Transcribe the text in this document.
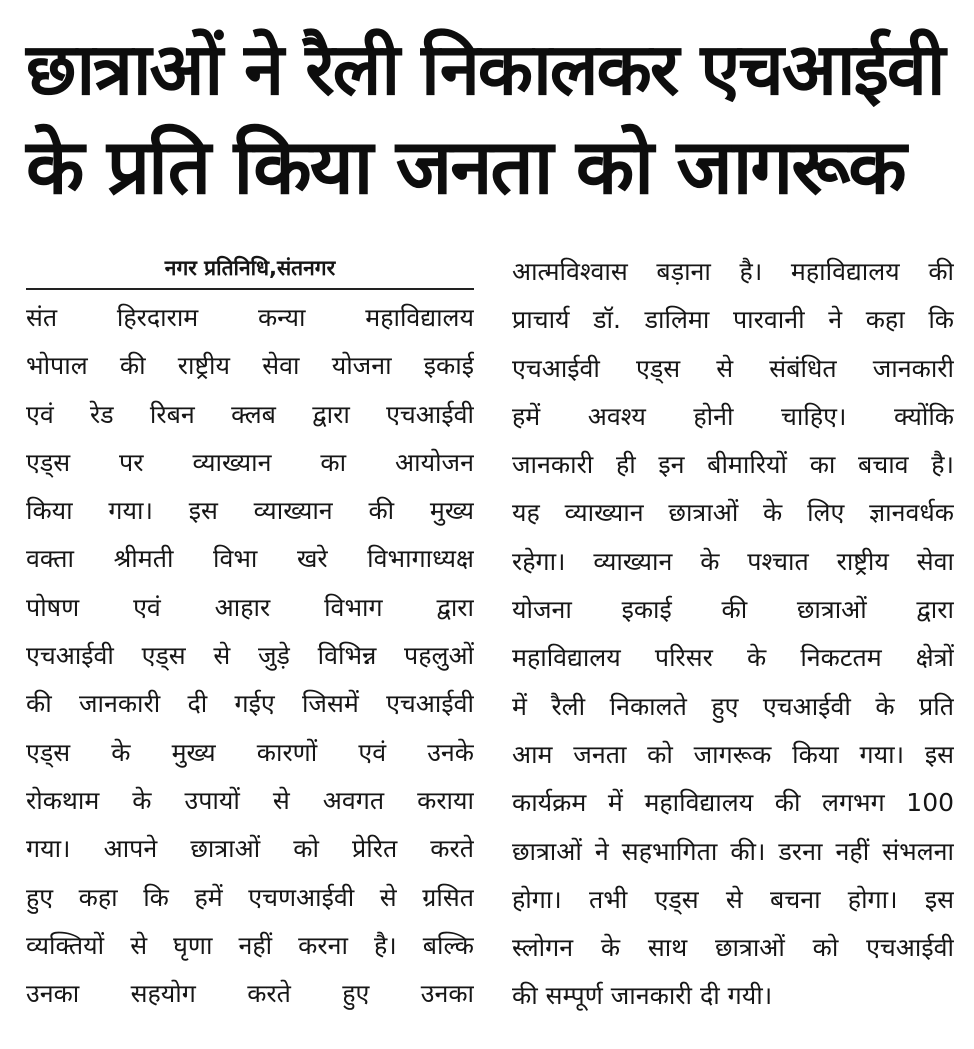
छात्राओं ने रैली निकालकर एचआईवी
के प्रति किया जनता को जागरूक
नगर प्रतिनिधि,संतनगर
संत हिरदाराम कन्या महाविद्यालय
भोपाल की राष्ट्रीय सेवा योजना इकाई
एवं रेड रिबन क्लब द्वारा एचआईवी
एड्स पर व्याख्यान का आयोजन
किया गया। इस व्याख्यान की मुख्य
वक्ता श्रीमती विभा खरे विभागाध्यक्ष
पोषण एवं आहार विभाग द्वारा
एचआईवी एड्स से जुड़े विभिन्न पहलुओं
की जानकारी दी गईए जिसमें एचआईवी
एड्स के मुख्य कारणों एवं उनके
रोकथाम के उपायों से अवगत कराया
गया। आपने छात्राओं को प्रेरित करते
हुए कहा कि हमें एचणआईवी से ग्रसित
व्यक्तियों से घृणा नहीं करना है। बल्कि
उनका सहयोग करते हुए उनका
आत्मविश्वास बड़ाना है। महाविद्यालय की
प्राचार्य डॉ. डालिमा पारवानी ने कहा कि
एचआईवी एड्स से संबंधित जानकारी
हमें अवश्य होनी चाहिए। क्योंकि
जानकारी ही इन बीमारियों का बचाव है।
यह व्याख्यान छात्राओं के लिए ज्ञानवर्धक
रहेगा। व्याख्यान के पश्चात राष्ट्रीय सेवा
योजना इकाई की छात्राओं द्वारा
महाविद्यालय परिसर के निकटतम क्षेत्रों
में रैली निकालते हुए एचआईवी के प्रति
आम जनता को जागरूक किया गया। इस
कार्यक्रम में महाविद्यालय की लगभग 100
छात्राओं ने सहभागिता की। डरना नहीं संभलना
होगा। तभी एड्स से बचना होगा। इस
स्लोगन के साथ छात्राओं को एचआईवी
की सम्पूर्ण जानकारी दी गयी।
